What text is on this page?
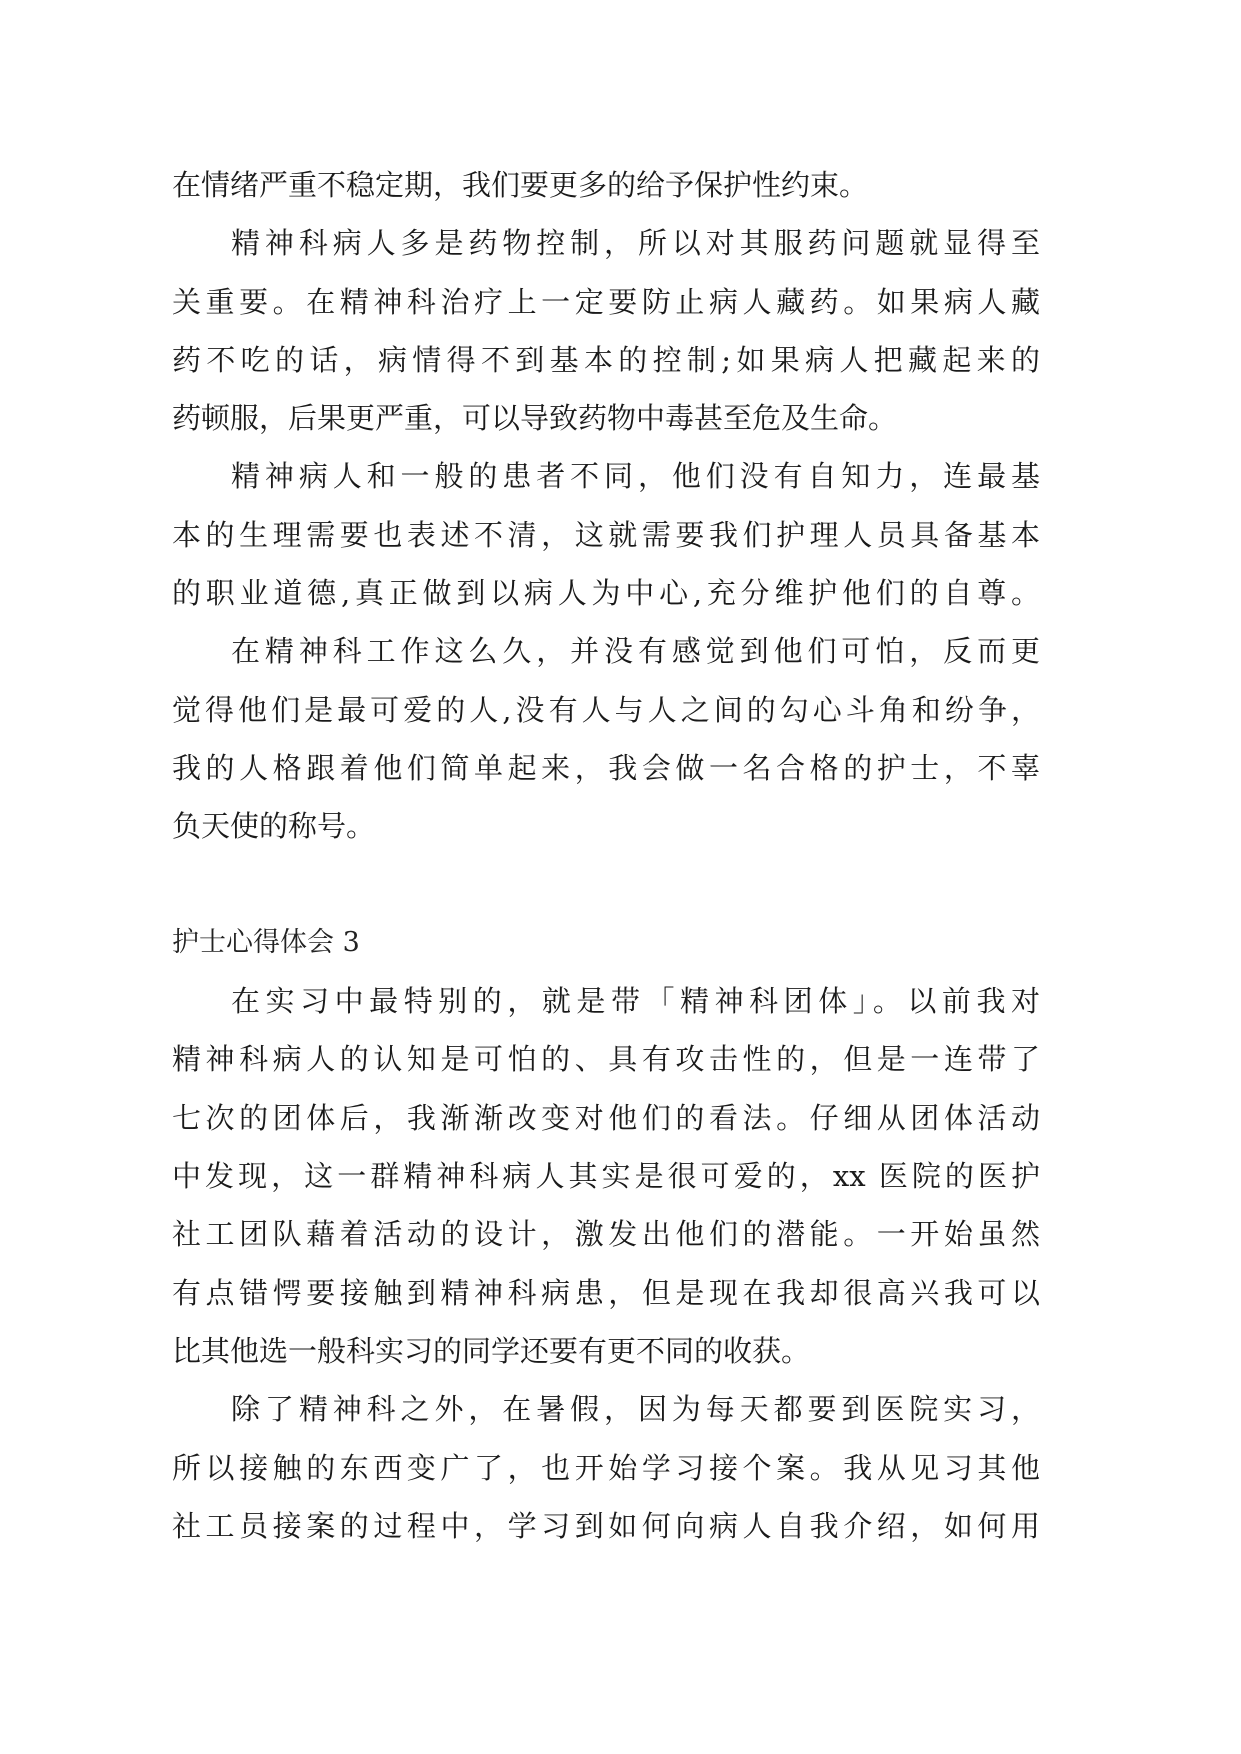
在情绪严重不稳定期，我们要更多的给予保护性约束。
精神科病人多是药物控制，所以对其服药问题就显得至
关重要。在精神科治疗上一定要防止病人藏药。如果病人藏
药不吃的话，病情得不到基本的控制;如果病人把藏起来的
药顿服，后果更严重，可以导致药物中毒甚至危及生命。
精神病人和一般的患者不同，他们没有自知力，连最基
本的生理需要也表述不清，这就需要我们护理人员具备基本
的职业道德,真正做到以病人为中心,充分维护他们的自尊。
在精神科工作这么久，并没有感觉到他们可怕，反而更
觉得他们是最可爱的人,没有人与人之间的勾心斗角和纷争，
我的人格跟着他们简单起来，我会做一名合格的护士，不辜
负天使的称号。
护士心得体会 3
在实习中最特别的，就是带「精神科团体」。以前我对
精神科病人的认知是可怕的、具有攻击性的，但是一连带了
七次的团体后，我渐渐改变对他们的看法。仔细从团体活动
中发现，这一群精神科病人其实是很可爱的，xx 医院的医护
社工团队藉着活动的设计，激发出他们的潜能。一开始虽然
有点错愕要接触到精神科病患，但是现在我却很高兴我可以
比其他选一般科实习的同学还要有更不同的收获。
除了精神科之外，在暑假，因为每天都要到医院实习，
所以接触的东西变广了，也开始学习接个案。我从见习其他
社工员接案的过程中，学习到如何向病人自我介绍，如何用
